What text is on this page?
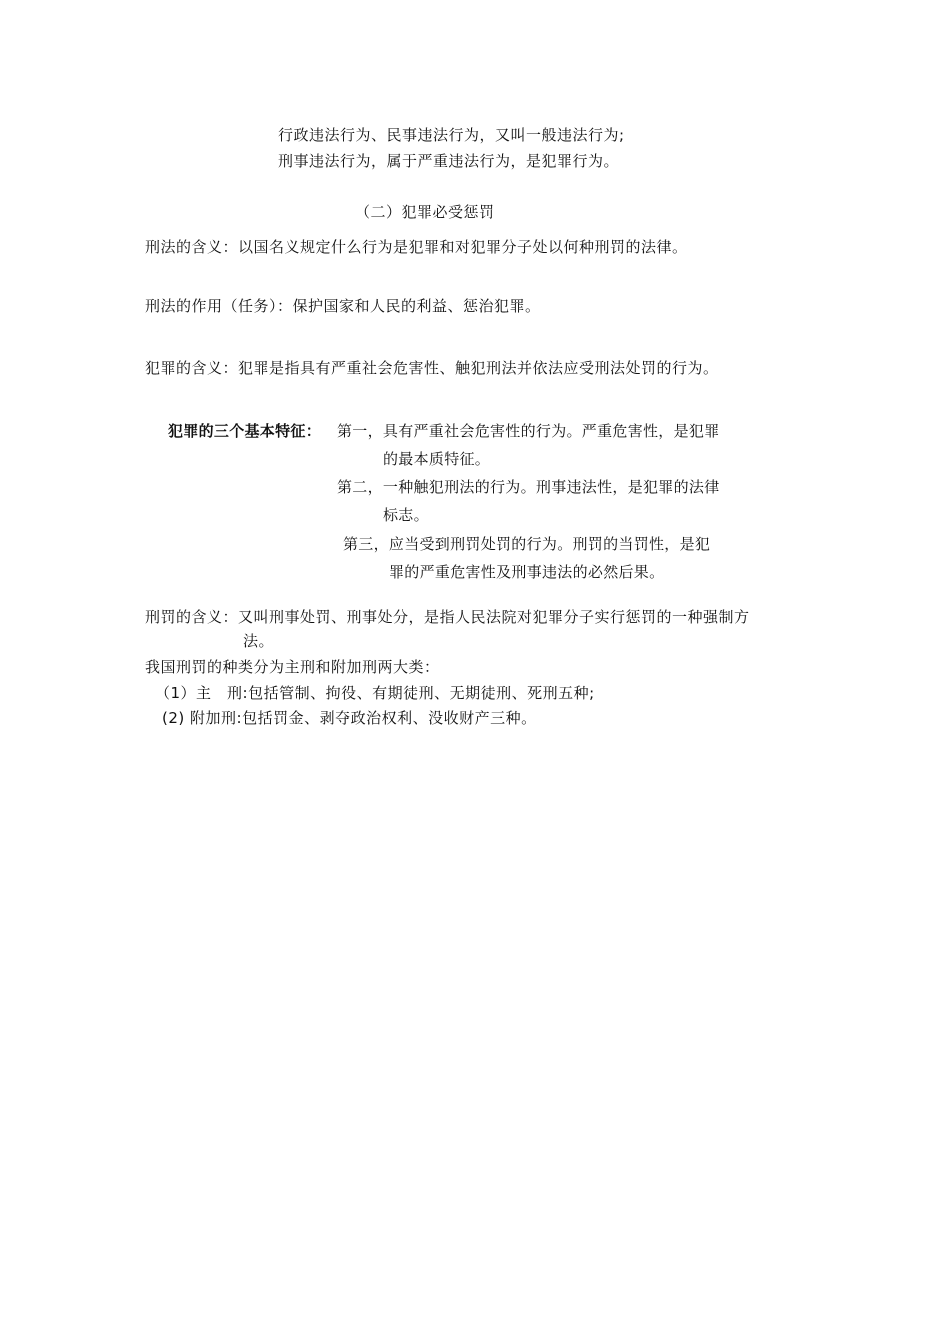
行政违法行为、民事违法行为，又叫一般违法行为;
刑事违法行为，属于严重违法行为，是犯罪行为。
（二）犯罪必受惩罚
刑法的含义：以国名义规定什么行为是犯罪和对犯罪分子处以何种刑罚的法律。
刑法的作用（任务）：保护国家和人民的利益、惩治犯罪。
犯罪的含义：犯罪是指具有严重社会危害性、触犯刑法并依法应受刑法处罚的行为。
犯罪的三个基本特征： 第一，具有严重社会危害性的行为。严重危害性，是犯罪
的最本质特征。
第二，一种触犯刑法的行为。刑事违法性，是犯罪的法律
标志。
第三，应当受到刑罚处罚的行为。刑罚的当罚性，是犯
罪的严重危害性及刑事违法的必然后果。
刑罚的含义：又叫刑事处罚、刑事处分，是指人民法院对犯罪分子实行惩罚的一种强制方
法。
我国刑罚的种类分为主刑和附加刑两大类：
（1）主　刑:包括管制、拘役、有期徒刑、无期徒刑、死刑五种;
(2) 附加刑:包括罚金、剥夺政治权利、没收财产三种。
